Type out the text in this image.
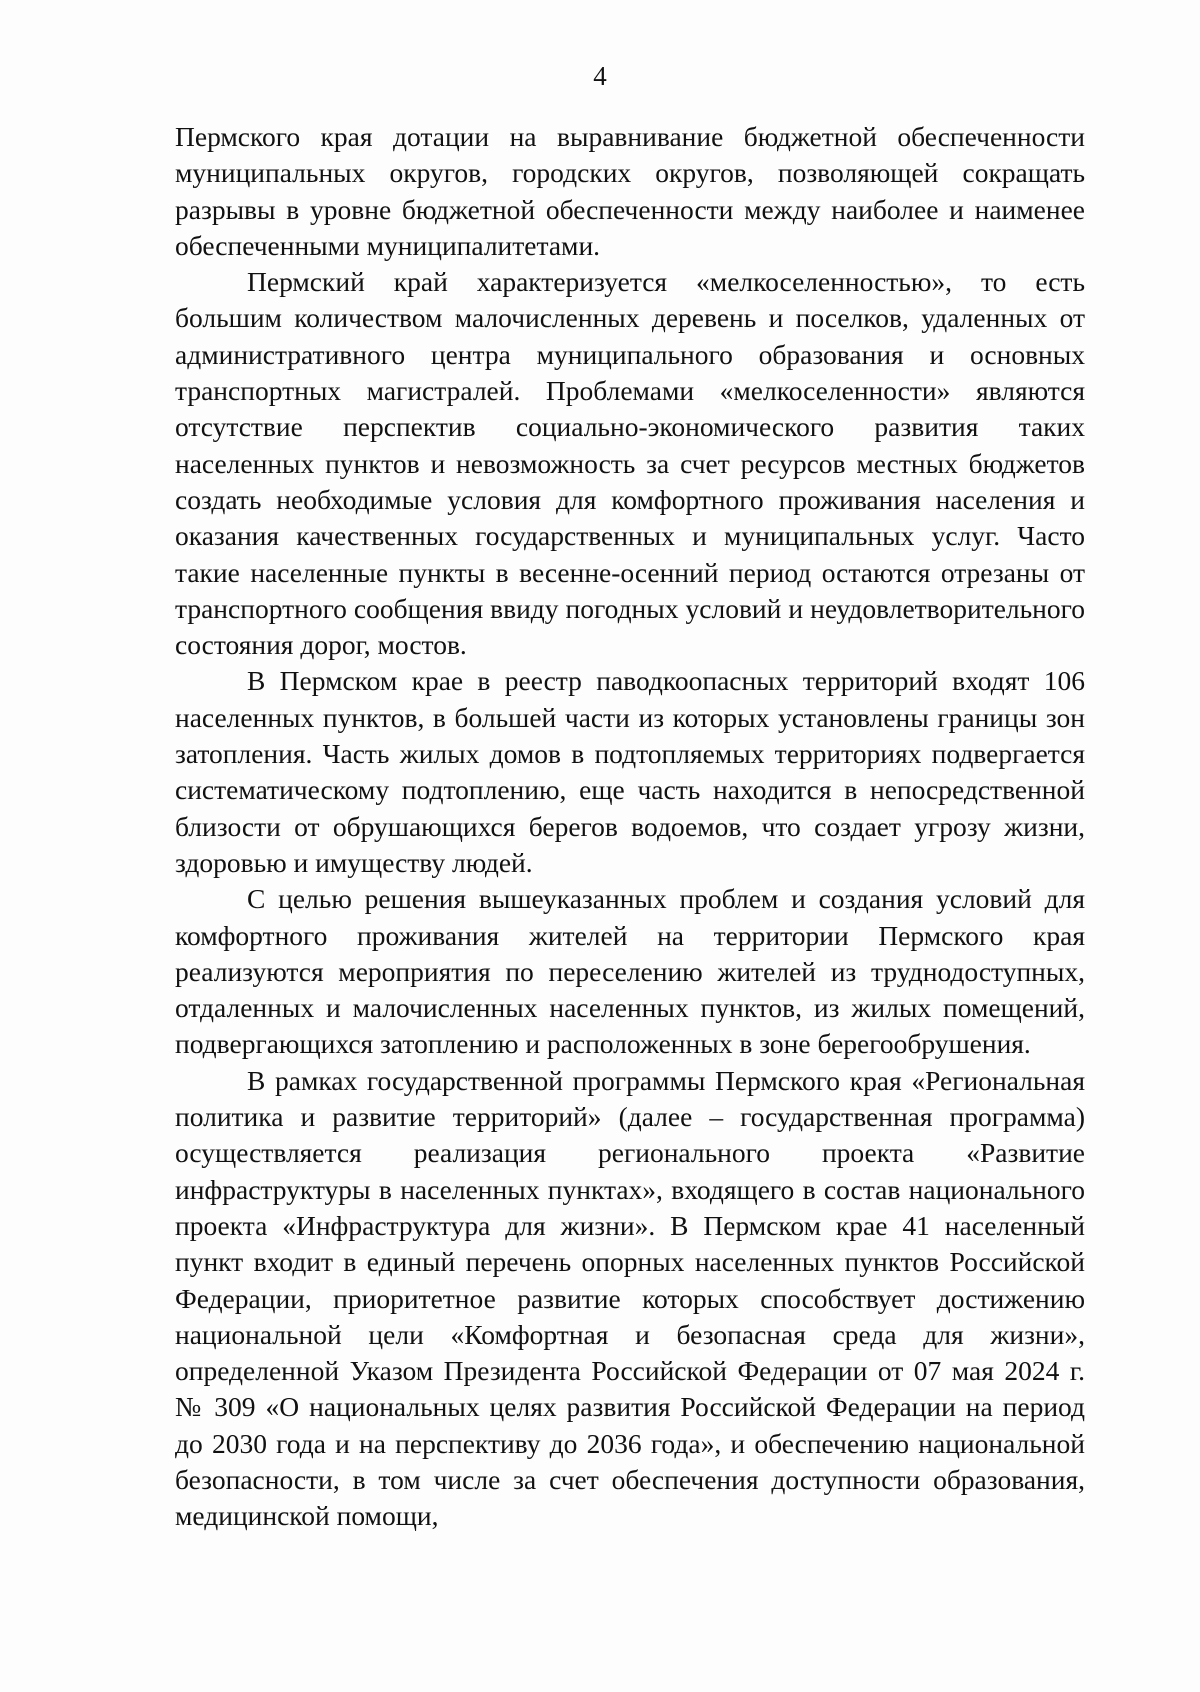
4

Пермского края дотации на выравнивание бюджетной обеспеченности муниципальных округов, городских округов, позволяющей сокращать разрывы в уровне бюджетной обеспеченности между наиболее и наименее обеспеченными муниципалитетами.

Пермский край характеризуется «мелкоселенностью», то есть большим количеством малочисленных деревень и поселков, удаленных от административного центра муниципального образования и основных транспортных магистралей. Проблемами «мелкоселенности» являются отсутствие перспектив социально-экономического развития таких населенных пунктов и невозможность за счет ресурсов местных бюджетов создать необходимые условия для комфортного проживания населения и оказания качественных государственных и муниципальных услуг. Часто такие населенные пункты в весенне-осенний период остаются отрезаны от транспортного сообщения ввиду погодных условий и неудовлетворительного состояния дорог, мостов.

В Пермском крае в реестр паводкоопасных территорий входят 106 населенных пунктов, в большей части из которых установлены границы зон затопления. Часть жилых домов в подтопляемых территориях подвергается систематическому подтоплению, еще часть находится в непосредственной близости от обрушающихся берегов водоемов, что создает угрозу жизни, здоровью и имуществу людей.

С целью решения вышеуказанных проблем и создания условий для комфортного проживания жителей на территории Пермского края реализуются мероприятия по переселению жителей из труднодоступных, отдаленных и малочисленных населенных пунктов, из жилых помещений, подвергающихся затоплению и расположенных в зоне берегообрушения.

В рамках государственной программы Пермского края «Региональная политика и развитие территорий» (далее – государственная программа) осуществляется реализация регионального проекта «Развитие инфраструктуры в населенных пунктах», входящего в состав национального проекта «Инфраструктура для жизни». В Пермском крае 41 населенный пункт входит в единый перечень опорных населенных пунктов Российской Федерации, приоритетное развитие которых способствует достижению национальной цели «Комфортная и безопасная среда для жизни», определенной Указом Президента Российской Федерации от 07 мая 2024 г. № 309 «О национальных целях развития Российской Федерации на период до 2030 года и на перспективу до 2036 года», и обеспечению национальной безопасности, в том числе за счет обеспечения доступности образования, медицинской помощи,
